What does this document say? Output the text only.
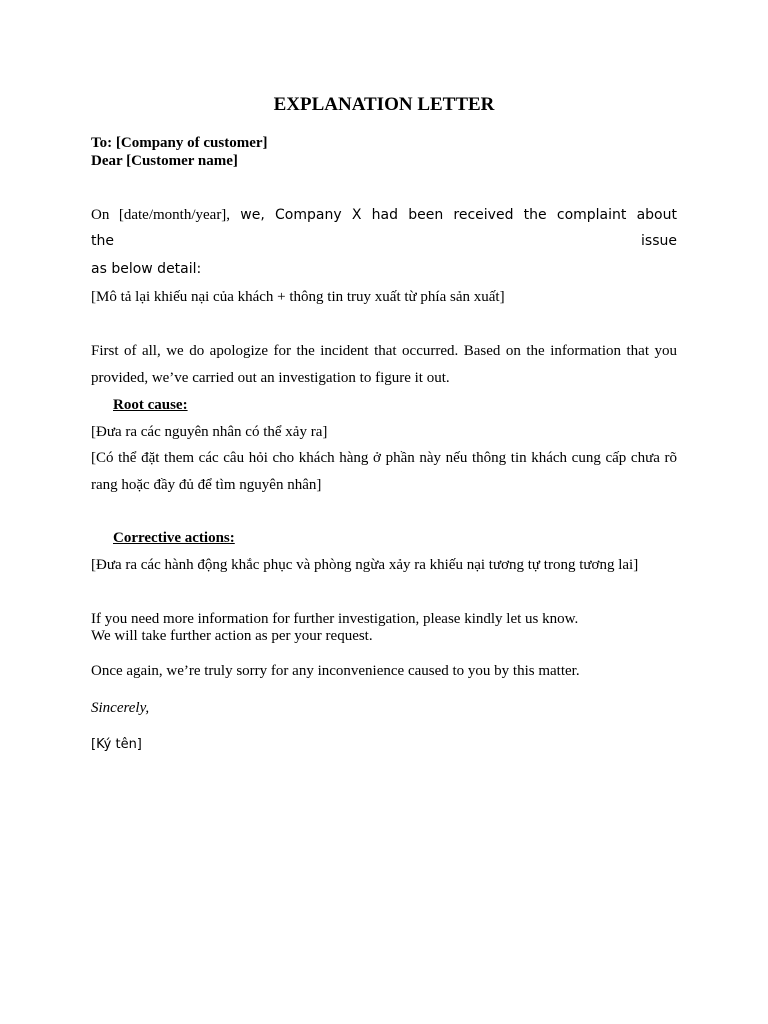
EXPLANATION LETTER
To: [Company of customer]
Dear [Customer name]
On [date/month/year], we, Company X had been received the complaint about
the	issue
as below detail:
[Mô tả lại khiếu nại của khách + thông tin truy xuất từ phía sản xuất]
First of all, we do apologize for the incident that occurred. Based on the information that you
provided, we’ve carried out an investigation to figure it out.
Root cause:
[Đưa ra các nguyên nhân có thể xảy ra]
[Có thể đặt them các câu hỏi cho khách hàng ở phần này nếu thông tin khách cung cấp chưa rõ
rang hoặc đầy đủ để tìm nguyên nhân]
Corrective actions:
[Đưa ra các hành động khắc phục và phòng ngừa xảy ra khiếu nại tương tự trong tương lai]
If you need more information for further investigation, please kindly let us know.
We will take further action as per your request.
Once again, we’re truly sorry for any inconvenience caused to you by this matter.
Sincerely,
[Ký tên]
